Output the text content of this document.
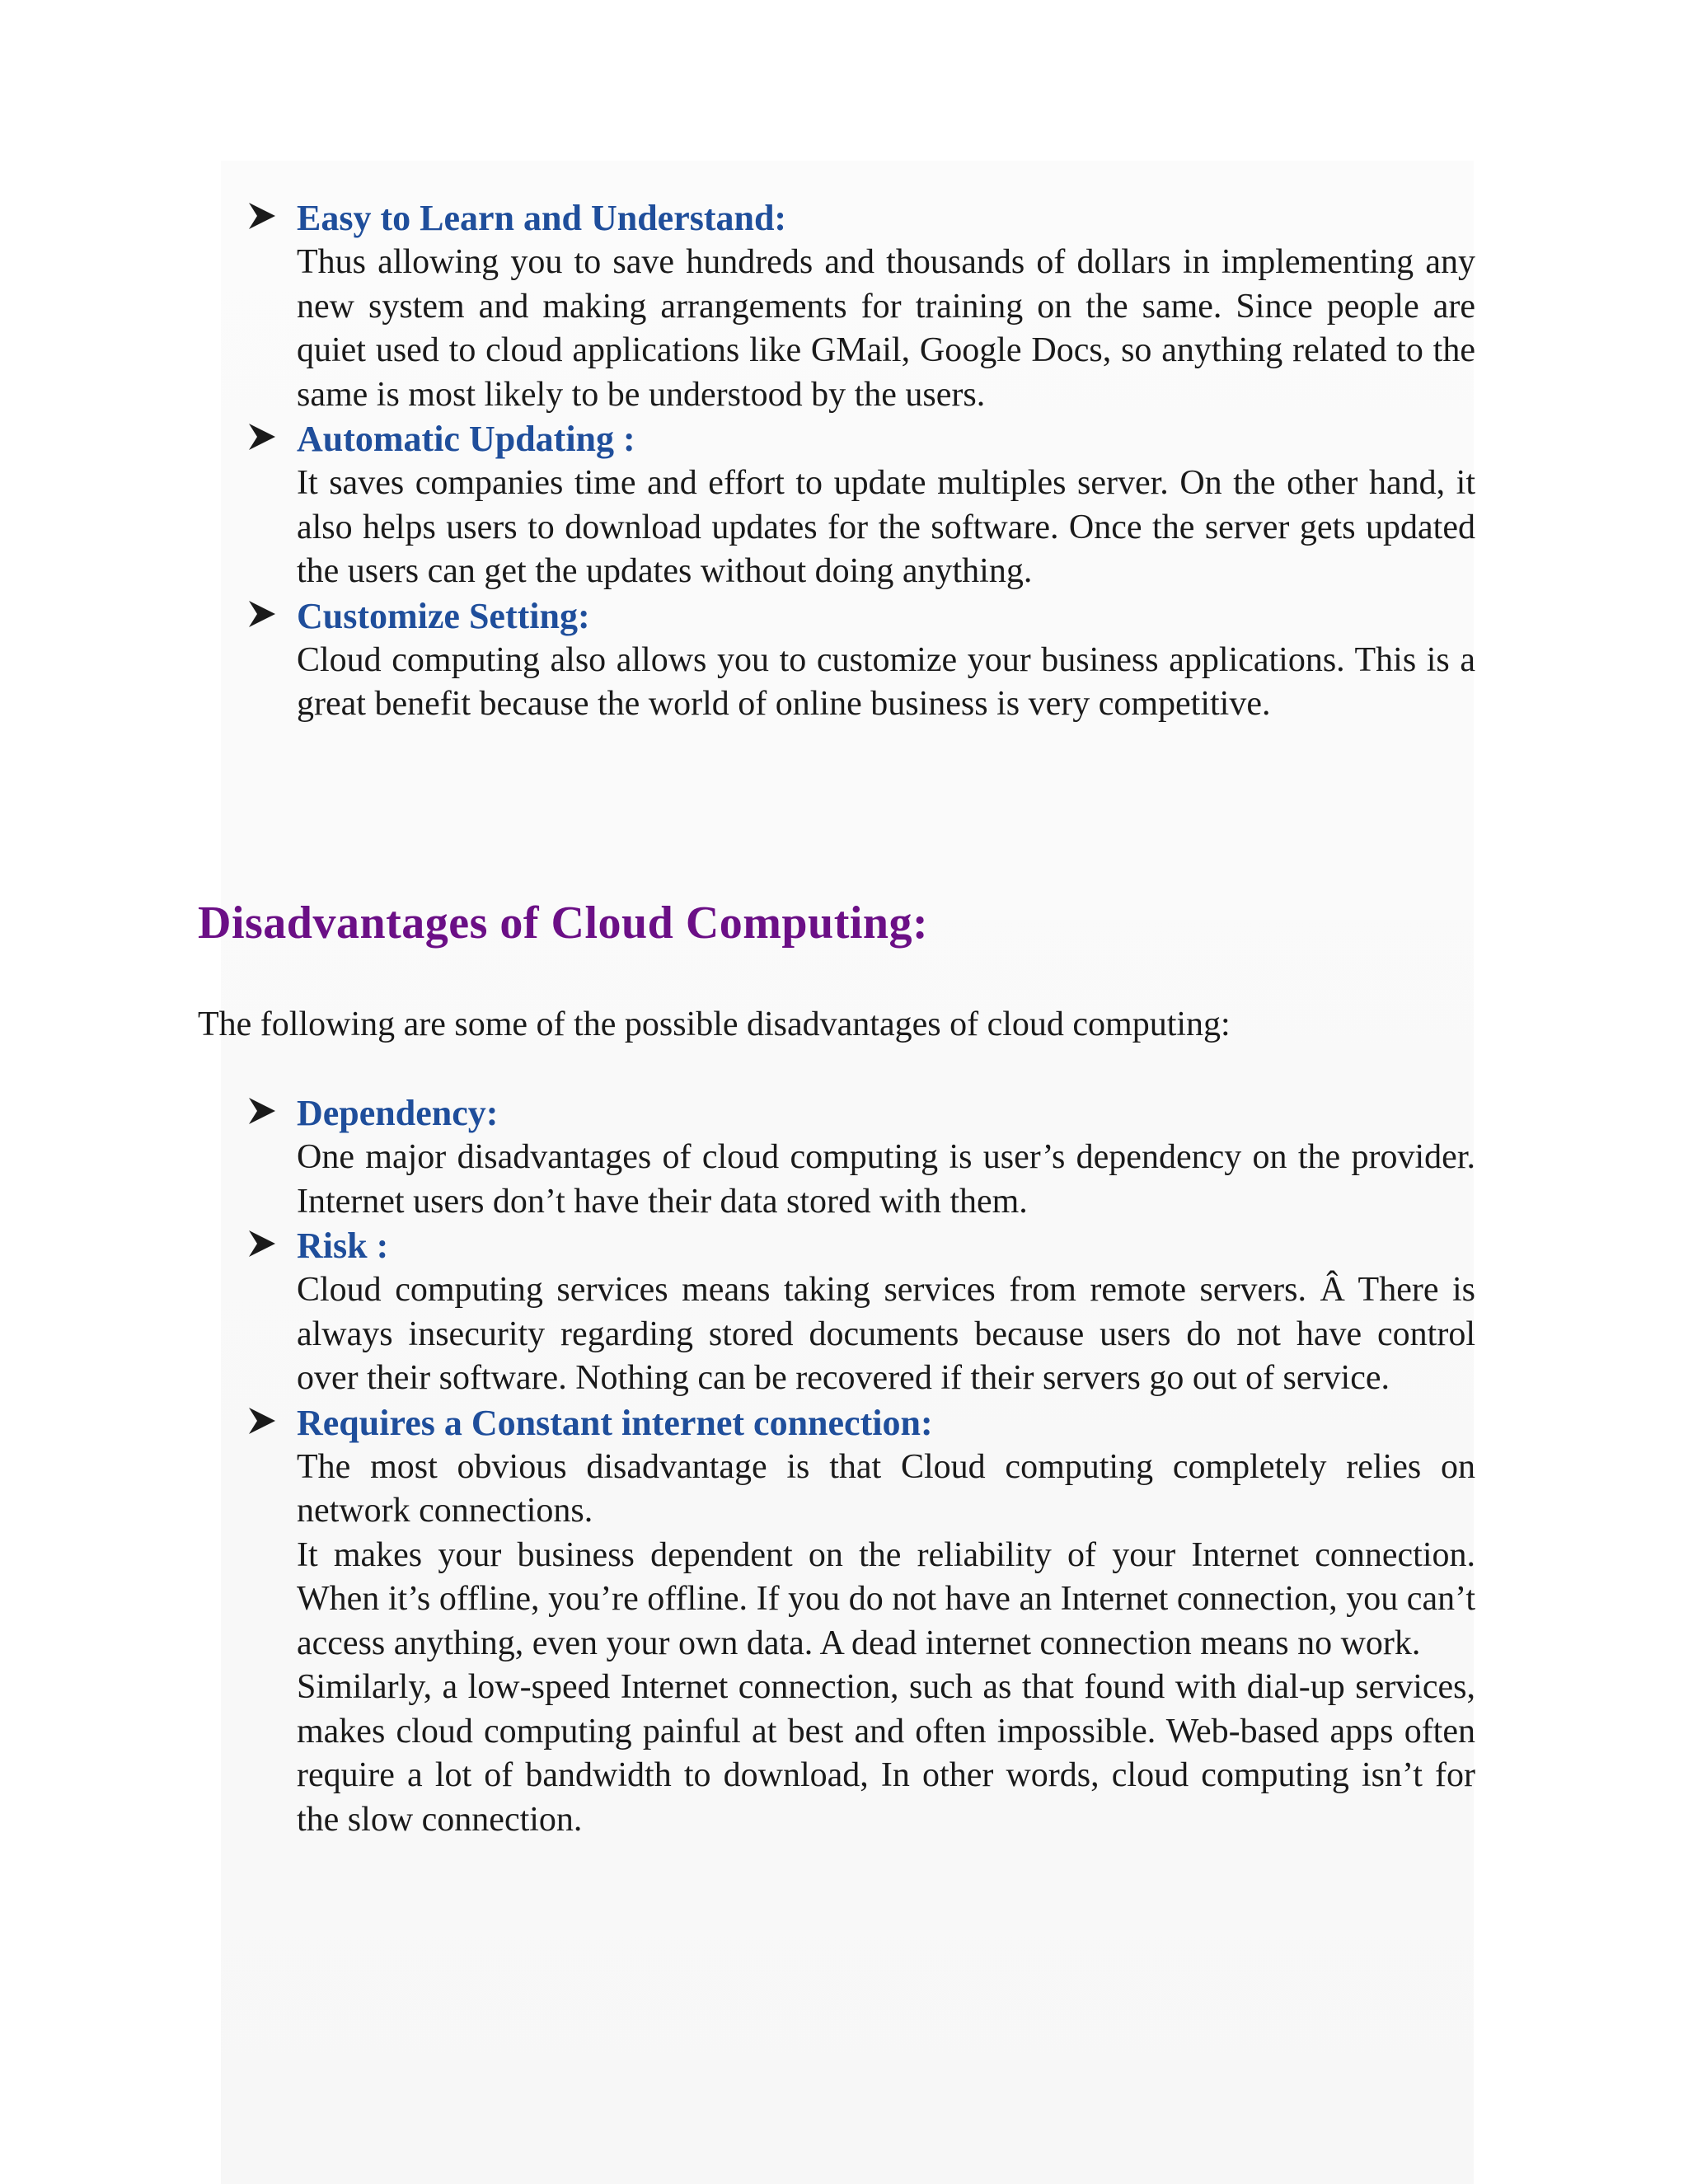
Easy to Learn and Understand:

Thus allowing you to save hundreds and thousands of dollars in implementing any new system and making arrangements for training on the same. Since people are quiet used to cloud applications like GMail, Google Docs, so anything related to the same is most likely to be understood by the users.

Automatic Updating :

It saves companies time and effort to update multiples server. On the other hand, it also helps users to download updates for the software. Once the server gets updated the users can get the updates without doing anything.

Customize Setting:

Cloud computing also allows you to customize your business applications. This is a great benefit because the world of online business is very competitive.

Disadvantages of Cloud Computing:

The following are some of the possible disadvantages of cloud computing:

Dependency:

One major disadvantages of cloud computing is user’s dependency on the provider. Internet users don’t have their data stored with them.

Risk :

Cloud computing services means taking services from remote servers. Â There is always insecurity regarding stored documents because users do not have control over their software. Nothing can be recovered if their servers go out of service.

Requires a Constant internet connection:

The most obvious disadvantage is that Cloud computing completely relies on network connections.

It makes your business dependent on the reliability of your Internet connection. When it’s offline, you’re offline. If you do not have an Internet connection, you can’t access anything, even your own data. A dead internet connection means no work.

Similarly, a low-speed Internet connection, such as that found with dial-up services, makes cloud computing painful at best and often impossible. Web-based apps often require a lot of bandwidth to download, In other words, cloud computing isn’t for the slow connection.
